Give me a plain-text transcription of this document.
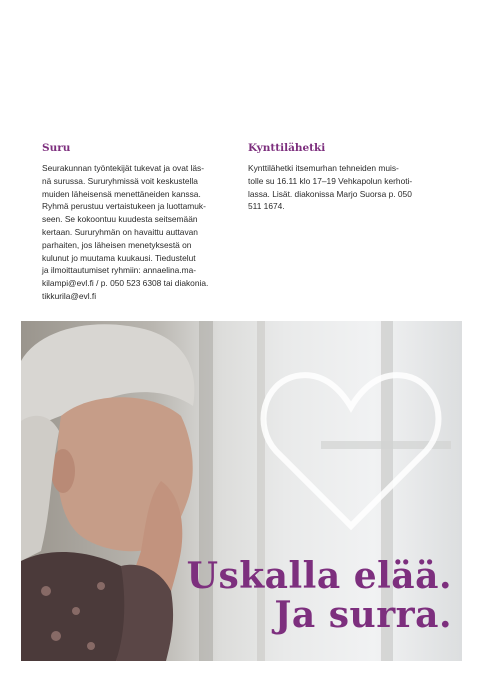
Suru
Seurakunnan työntekijät tukevat ja ovat läs-
nä surussa. Sururyhmissä voit keskustella
muiden läheisensä menettäneiden kanssa.
Ryhmä perustuu vertaistukeen ja luottamuk-
seen. Se kokoontuu kuudesta seitsemään
kertaan. Sururyhmän on havaittu auttavan
parhaiten, jos läheisen menetyksestä on
kulunut jo muutama kuukausi. Tiedustelut
ja ilmoittautumiset ryhmiin: annaelina.ma-
kilampi@evl.fi / p. 050 523 6308 tai diakonia.
tikkurila@evl.fi
Kynttilähetki
Kynttilähetki itsemurhan tehneiden muis-
tolle su 16.11 klo 17–19 Vehkapolun kerhoti-
lassa. Lisät. diakonissa Marjo Suorsa p. 050
511 1674.
Uskalla elää.
Ja surra.
